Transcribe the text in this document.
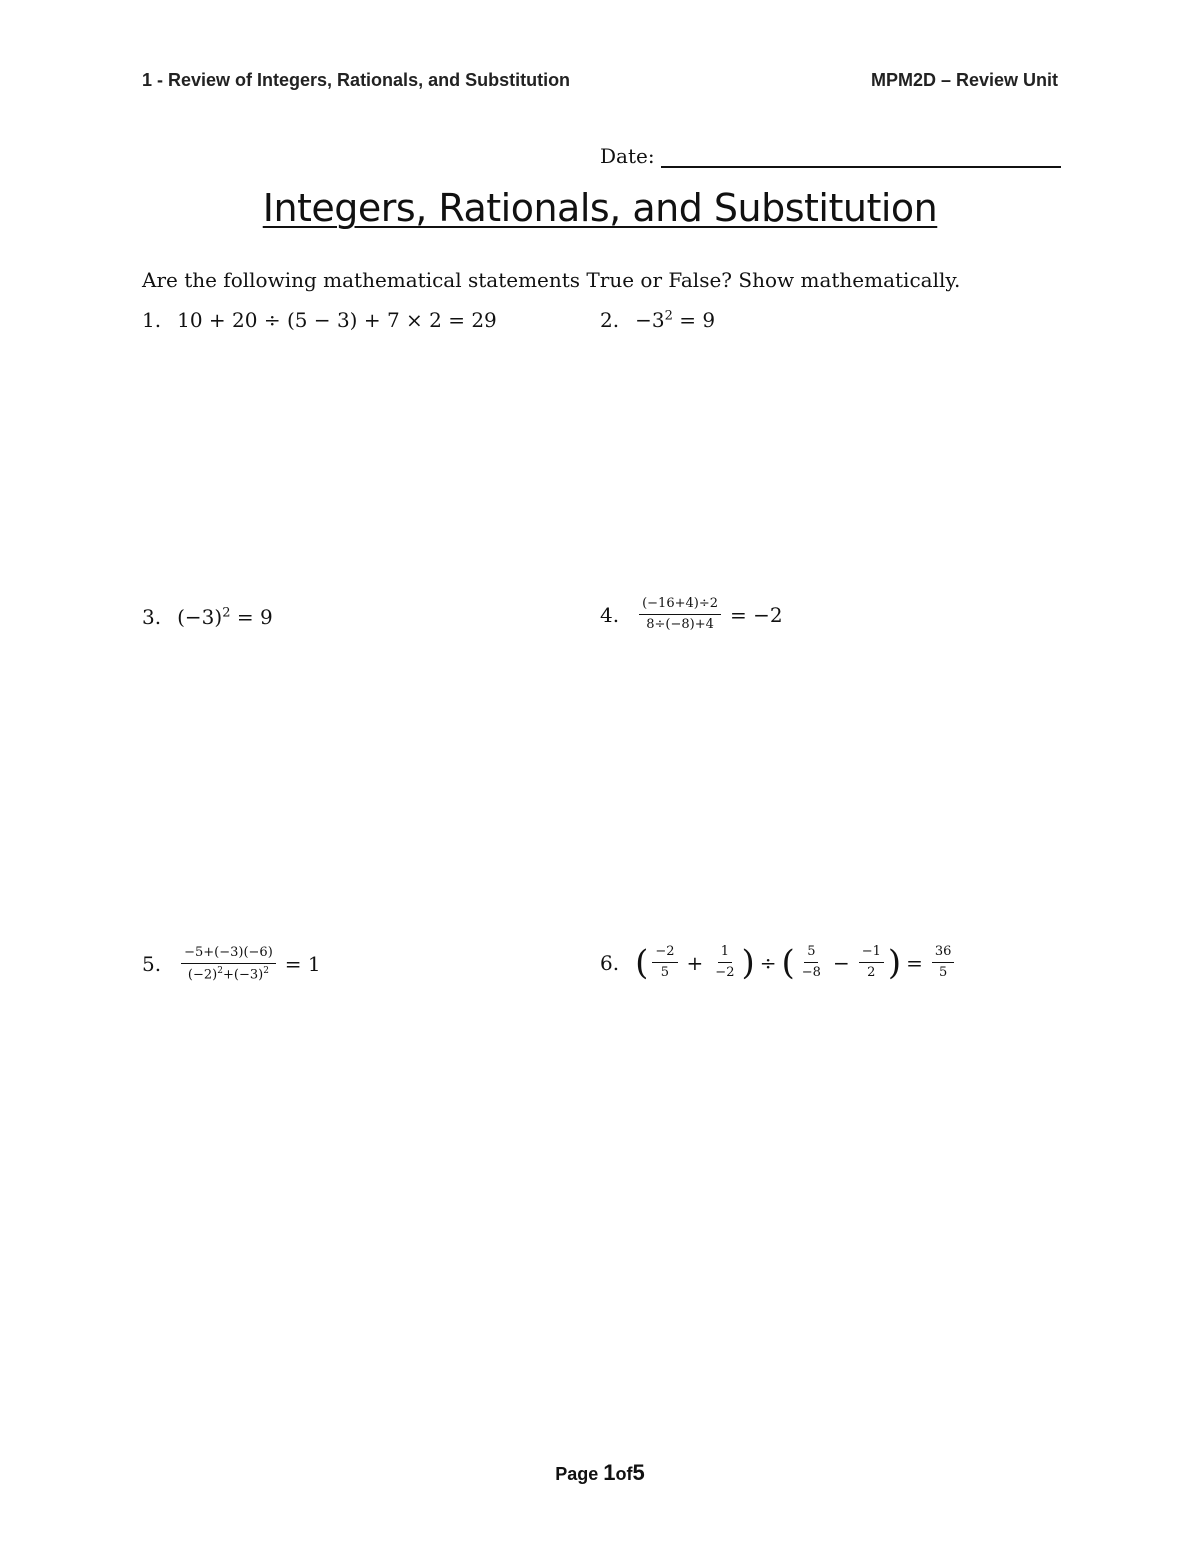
1 - Review of Integers, Rationals, and Substitution	MPM2D – Review Unit
Date:
Integers, Rationals, and Substitution
Are the following mathematical statements True or False? Show mathematically.
1. 10 + 20 ÷ (5 − 3) + 7 × 2 = 29	2. $-3^2 = 9$
3. $(-3)^2 = 9$	4. $\frac{(-16+4)\div 2}{8\div(-8)+4} = -2$
5. $\frac{-5+(-3)(-6)}{(-2)^2+(-3)^2} = 1$	6. ( $\frac{-2}{5} + \frac{1}{-2}$ ) ÷ ( $\frac{5}{-8} - \frac{-1}{2}$ ) = $\frac{36}{5}$
Page 1of5
